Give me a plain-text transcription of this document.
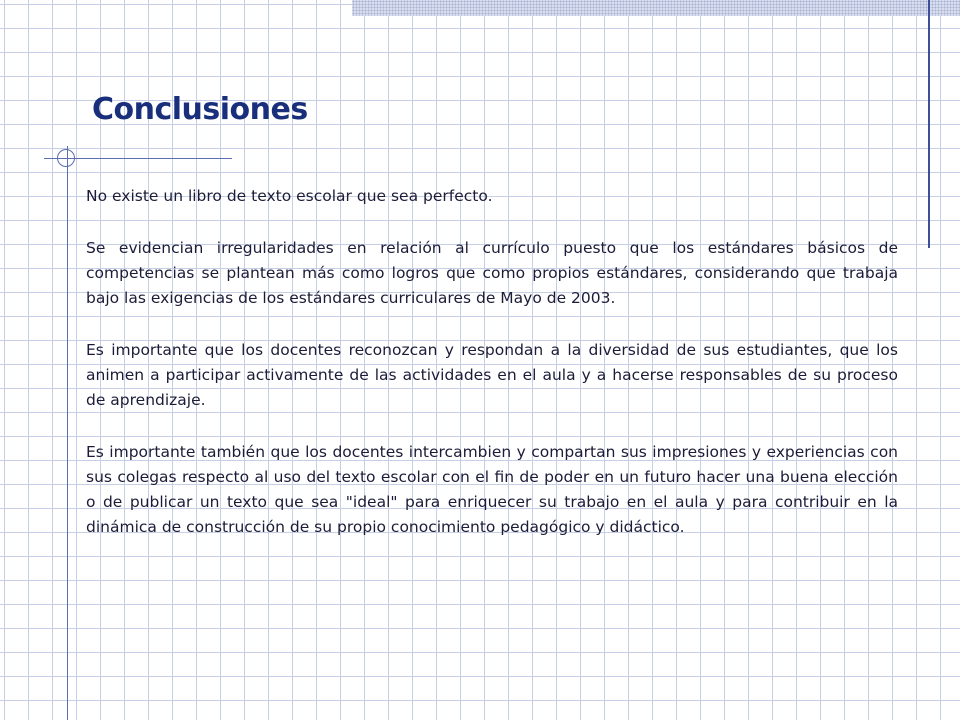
Conclusiones

No existe un libro de texto escolar que sea perfecto.

Se evidencian irregularidades en relación al currículo puesto que los estándares básicos de competencias se plantean más como logros que como propios estándares, considerando que trabaja bajo las exigencias de los estándares curriculares de Mayo de 2003.

Es importante que los docentes reconozcan y respondan a la diversidad de sus estudiantes, que los animen a participar activamente de las actividades en el aula y a hacerse responsables de su proceso de aprendizaje.

Es importante también que los docentes intercambien y compartan sus impresiones y experiencias con sus colegas respecto al uso del texto escolar con el fin de poder en un futuro hacer una buena elección o de publicar un texto que sea "ideal" para enriquecer su trabajo en el aula y para contribuir en la dinámica de construcción de su propio conocimiento pedagógico y didáctico.
